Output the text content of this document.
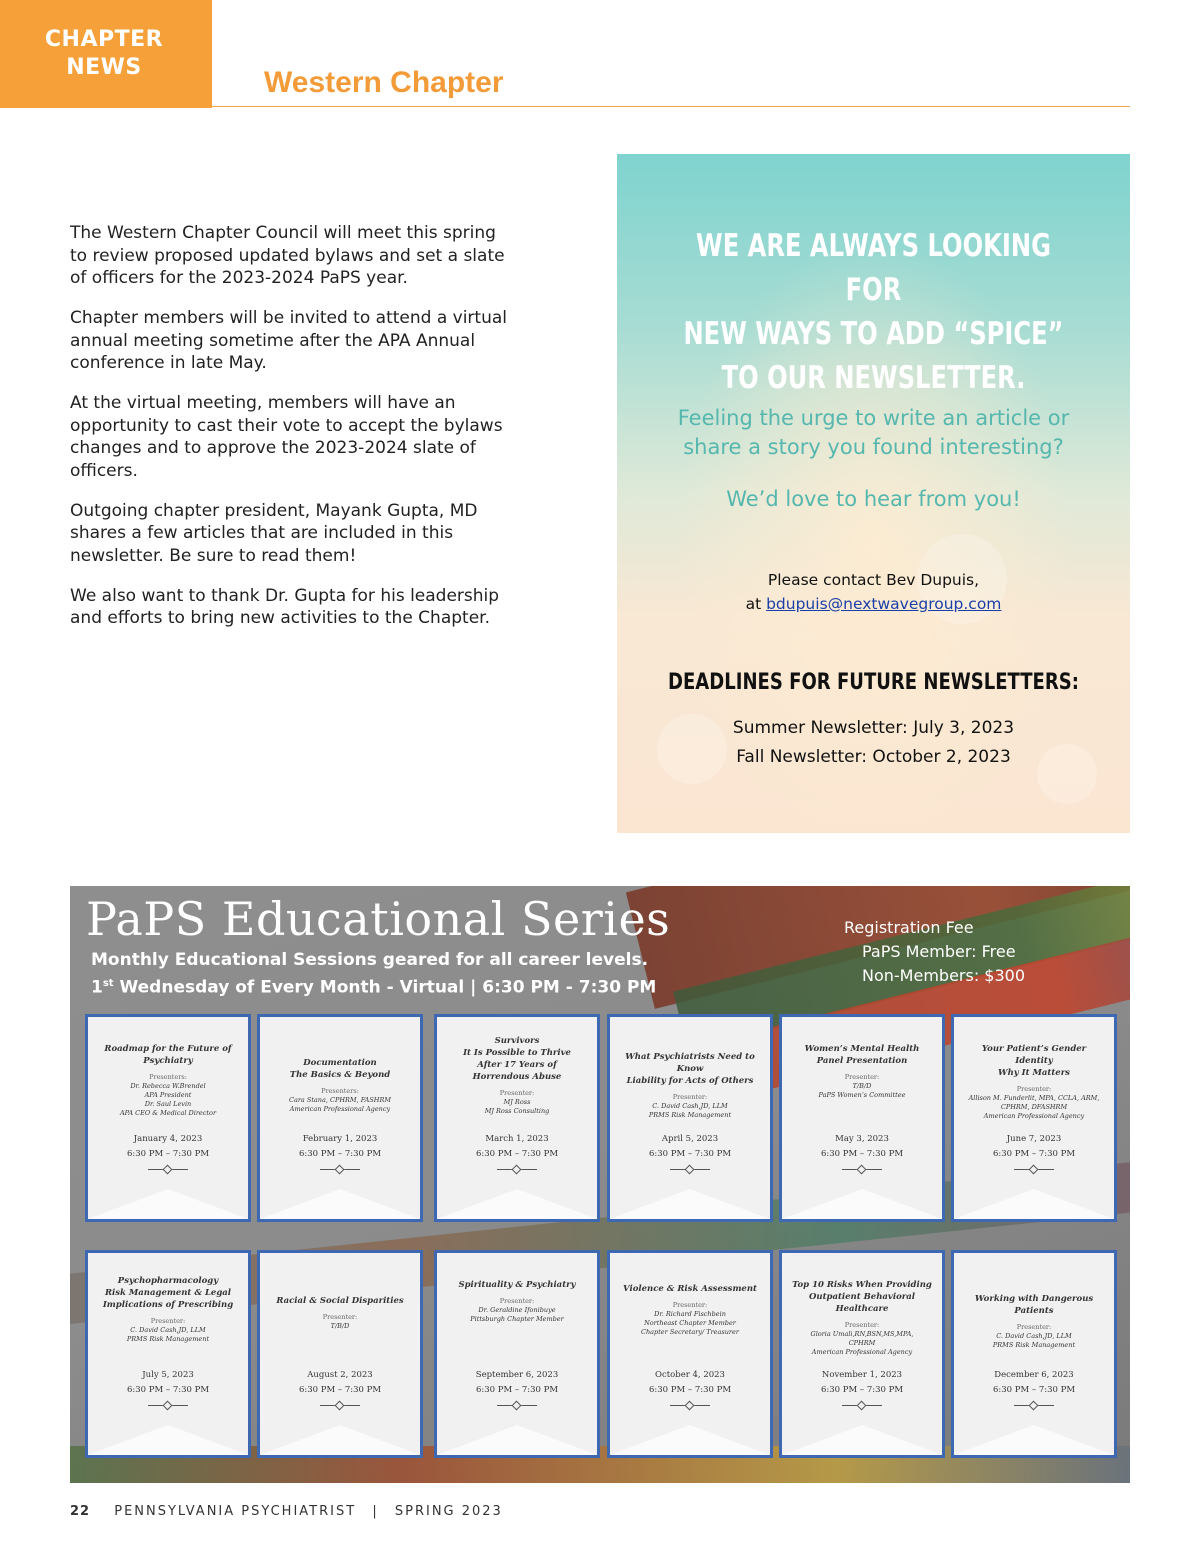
CHAPTER
NEWS	Western Chapter

The Western Chapter Council will meet this spring to review proposed updated bylaws and set a slate of officers for the 2023-2024 PaPS year.

Chapter members will be invited to attend a virtual annual meeting sometime after the APA Annual conference in late May.

At the virtual meeting, members will have an opportunity to cast their vote to accept the bylaws changes and to approve the 2023-2024 slate of officers.

Outgoing chapter president, Mayank Gupta, MD shares a few articles that are included in this newsletter. Be sure to read them!

We also want to thank Dr. Gupta for his leadership and efforts to bring new activities to the Chapter.

WE ARE ALWAYS LOOKING FOR
NEW WAYS TO ADD “SPICE”
TO OUR NEWSLETTER.
Feeling the urge to write an article or
share a story you found interesting?
We’d love to hear from you!
Please contact Bev Dupuis,
at bdupuis@nextwavegroup.com
DEADLINES FOR FUTURE NEWSLETTERS:
Summer Newsletter: July 3, 2023
Fall Newsletter: October 2, 2023
PaPS Educational Series
Monthly Educational Sessions geared for all career levels.
1st Wednesday of Every Month - Virtual | 6:30 PM - 7:30 PM
Registration Fee
PaPS Member: Free
Non-Members: $300
Roadmap for the Future of
Psychiatry
Presenters:
Dr. Rebecca W.Brendel
APA President
Dr. Saul Levin
APA CEO & Medical Director
January 4, 2023
6:30 PM – 7:30 PM
Documentation
The Basics & Beyond
Presenters:
Cara Stana, CPHRM, FASHRM
American Professional Agency
February 1, 2023
6:30 PM – 7:30 PM
Survivors
It Is Possible to Thrive
After 17 Years of
Horrendous Abuse
Presenter:
MJ Ross
MJ Ross Consulting
March 1, 2023
6:30 PM – 7:30 PM
What Psychiatrists Need to Know
Liability for Acts of Others
Presenter:
C. David Cash,JD, LLM
PRMS Risk Management
April 5, 2023
6:30 PM – 7:30 PM
Women’s Mental Health
Panel Presentation
Presenter:
T/B/D
PaPS Women’s Committee
May 3, 2023
6:30 PM – 7:30 PM
Your Patient’s Gender Identity
Why It Matters
Presenter:
Allison M. Funderlit, MPA, CCLA, ARM,
CPHRM, DFASHRM
American Professional Agency
June 7, 2023
6:30 PM – 7:30 PM
Psychopharmacology
Risk Management & Legal
Implications of Prescribing
Presenter:
C. David Cash,JD, LLM
PRMS Risk Management
July 5, 2023
6:30 PM – 7:30 PM
Racial & Social Disparities
Presenter:
T/B/D
August 2, 2023
6:30 PM – 7:30 PM
Spirituality & Psychiatry
Presenter:
Dr. Geraldine Ifonibuye
Pittsburgh Chapter Member
September 6, 2023
6:30 PM – 7:30 PM
Violence & Risk Assessment
Presenter:
Dr. Richard Fischbein
Northeast Chapter Member
Chapter Secretary/ Treasurer
October 4, 2023
6:30 PM – 7:30 PM
Top 10 Risks When Providing
Outpatient Behavioral Healthcare
Presenter:
Gloria Umali,RN,BSN,MS,MPA,
CPHRM
American Professional Agency
November 1, 2023
6:30 PM – 7:30 PM
Working with Dangerous Patients
Presenter:
C. David Cash,JD, LLM
PRMS Risk Management
December 6, 2023
6:30 PM – 7:30 PM
22 PENNSYLVANIA PSYCHIATRIST | SPRING 2023
